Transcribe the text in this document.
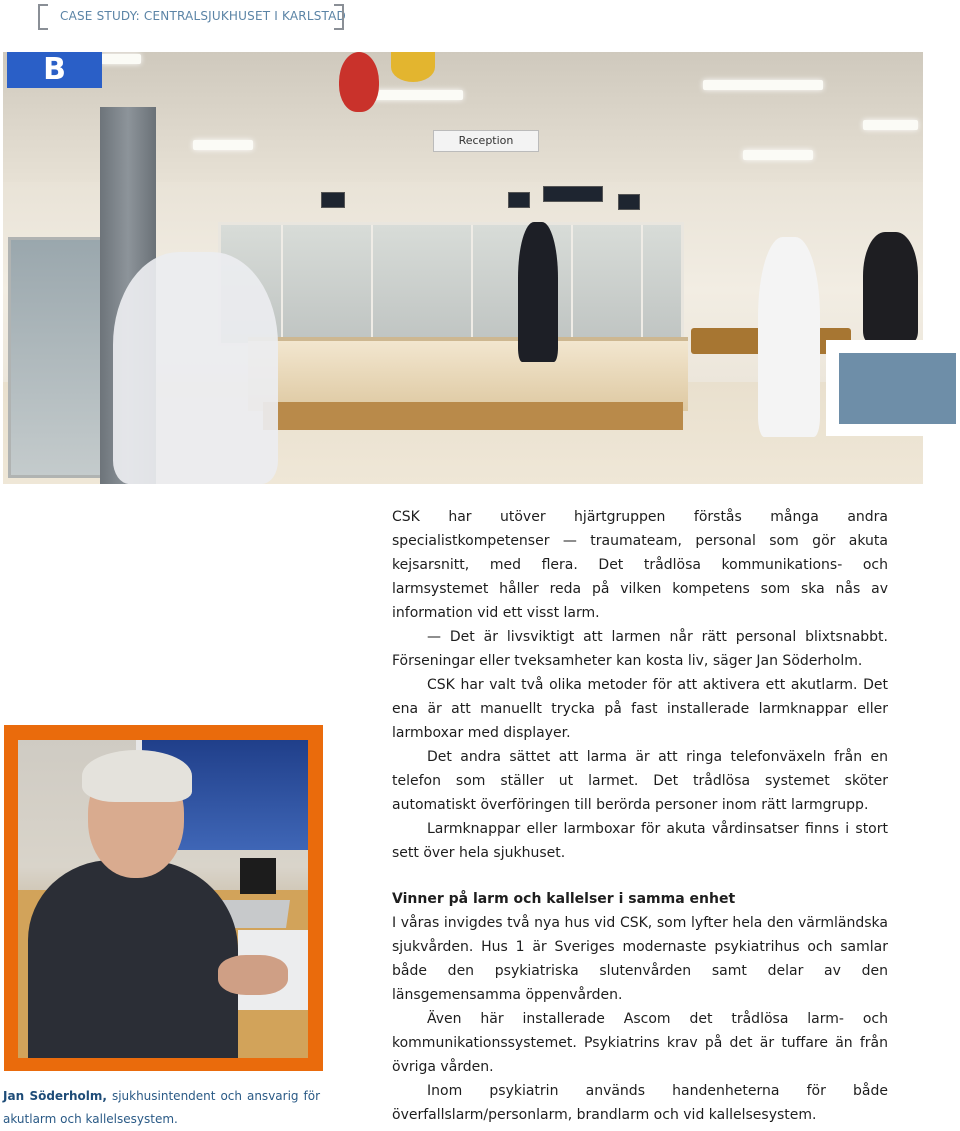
CASE STUDY: CENTRALSJUKHUSET I KARLSTAD
B
Reception

CSK har utöver hjärtgruppen förstås många andra specialistkompetenser — traumateam, personal som gör akuta kejsarsnitt, med flera. Det trådlösa kommunikations- och larmsystemet håller reda på vilken kompetens som ska nås av information vid ett visst larm.

— Det är livsviktigt att larmen når rätt personal blixtsnabbt. Förseningar eller tveksamheter kan kosta liv, säger Jan Söderholm.

CSK har valt två olika metoder för att aktivera ett akutlarm. Det ena är att manuellt trycka på fast installerade larmknappar eller larmboxar med displayer.

Det andra sättet att larma är att ringa telefonväxeln från en telefon som ställer ut larmet. Det trådlösa systemet sköter automatiskt överföringen till berörda personer inom rätt larmgrupp.

Larmknappar eller larmboxar för akuta vårdinsatser finns i stort sett över hela sjukhuset.

Vinner på larm och kallelser i samma enhet

I våras invigdes två nya hus vid CSK, som lyfter hela den värmländska sjukvården. Hus 1 är Sveriges modernaste psykiatrihus och samlar både den psykiatriska slutenvården samt delar av den länsgemensamma öppenvården.

Även här installerade Ascom det trådlösa larm- och kommunikationssystemet. Psykiatrins krav på det är tuffare än från övriga vården.

Inom psykiatrin används handenheterna för både överfallslarm/personlarm, brandlarm och vid kallelsesystem.

Jan Söderholm, sjukhusintendent och ansvarig för akutlarm och kallelsesystem.
